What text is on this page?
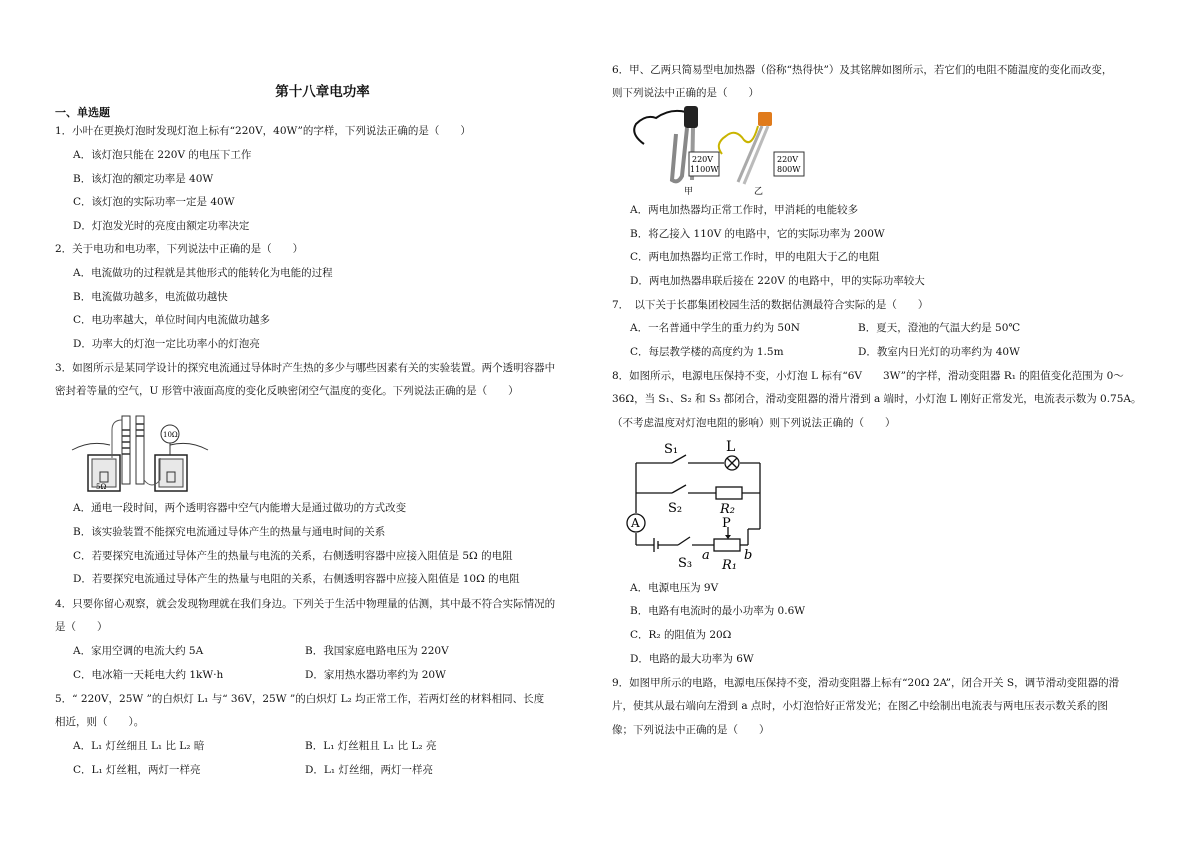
第十八章电功率
一、单选题
1．小叶在更换灯泡时发现灯泡上标有“220V，40W”的字样，下列说法正确的是（　　）
A．该灯泡只能在 220V 的电压下工作
B．该灯泡的额定功率是 40W
C．该灯泡的实际功率一定是 40W
D．灯泡发光时的亮度由额定功率决定
2．关于电功和电功率，下列说法中正确的是（　　）
A．电流做功的过程就是其他形式的能转化为电能的过程
B．电流做功越多，电流做功越快
C．电功率越大，单位时间内电流做功越多
D．功率大的灯泡一定比功率小的灯泡亮
3．如图所示是某同学设计的探究电流通过导体时产生热的多少与哪些因素有关的实验装置。两个透明容器中
密封着等量的空气，U 形管中液面高度的变化反映密闭空气温度的变化。下列说法正确的是（　　）
5Ω
10Ω
A．通电一段时间，两个透明容器中空气内能增大是通过做功的方式改变
B．该实验装置不能探究电流通过导体产生的热量与通电时间的关系
C．若要探究电流通过导体产生的热量与电流的关系，右侧透明容器中应接入阻值是 5Ω 的电阻
D．若要探究电流通过导体产生的热量与电阻的关系，右侧透明容器中应接入阻值是 10Ω 的电阻
4．只要你留心观察，就会发现物理就在我们身边。下列关于生活中物理量的估测，其中最不符合实际情况的
是（　　）
A．家用空调的电流大约 5A	B．我国家庭电路电压为 220V
C．电冰箱一天耗电大约 1kW·h	D．家用热水器功率约为 20W
5．“ 220V，25W ”的白炽灯 L₁ 与“ 36V，25W ”的白炽灯 L₂ 均正常工作，若两灯丝的材料相同、长度
相近，则（　　）。
A．L₁ 灯丝细且 L₁ 比 L₂ 暗	B．L₁ 灯丝粗且 L₁ 比 L₂ 亮
C．L₁ 灯丝粗，两灯一样亮	D．L₁ 灯丝细，两灯一样亮
6．甲、乙两只简易型电加热器（俗称“热得快”）及其铭牌如图所示，若它们的电阻不随温度的变化而改变，
则下列说法中正确的是（　　）
220V
1100W
甲
220V
800W
乙
A．两电加热器均正常工作时，甲消耗的电能较多
B．将乙接入 110V 的电路中，它的实际功率为 200W
C．两电加热器均正常工作时，甲的电阻大于乙的电阻
D．两电加热器串联后接在 220V 的电路中，甲的实际功率较大
7．　以下关于长郡集团校园生活的数据估测最符合实际的是（　　）
A．一名普通中学生的重力约为 50N	B．夏天，澄池的气温大约是 50℃
C．每层教学楼的高度约为 1.5m	D．教室内日光灯的功率约为 40W
8．如图所示，电源电压保持不变，小灯泡 L 标有“6V　　3W”的字样，滑动变阻器 R₁ 的阻值变化范围为 0～
36Ω，当 S₁、S₂ 和 S₃ 都闭合，滑动变阻器的滑片滑到 a 端时，小灯泡 L 刚好正常发光，电流表示数为 0.75A。
（不考虑温度对灯泡电阻的影响）则下列说法正确的（　　）
S₁	L
S₂	R₂
A	P
a	b
S₃ R₁
A．电源电压为 9V
B．电路有电流时的最小功率为 0.6W
C．R₂ 的阻值为 20Ω
D．电路的最大功率为 6W
9．如图甲所示的电路，电源电压保持不变，滑动变阻器上标有“20Ω 2A”，闭合开关 S，调节滑动变阻器的滑
片，使其从最右端向左滑到 a 点时，小灯泡恰好正常发光；在图乙中绘制出电流表与两电压表示数关系的图
像；下列说法中正确的是（　　）
